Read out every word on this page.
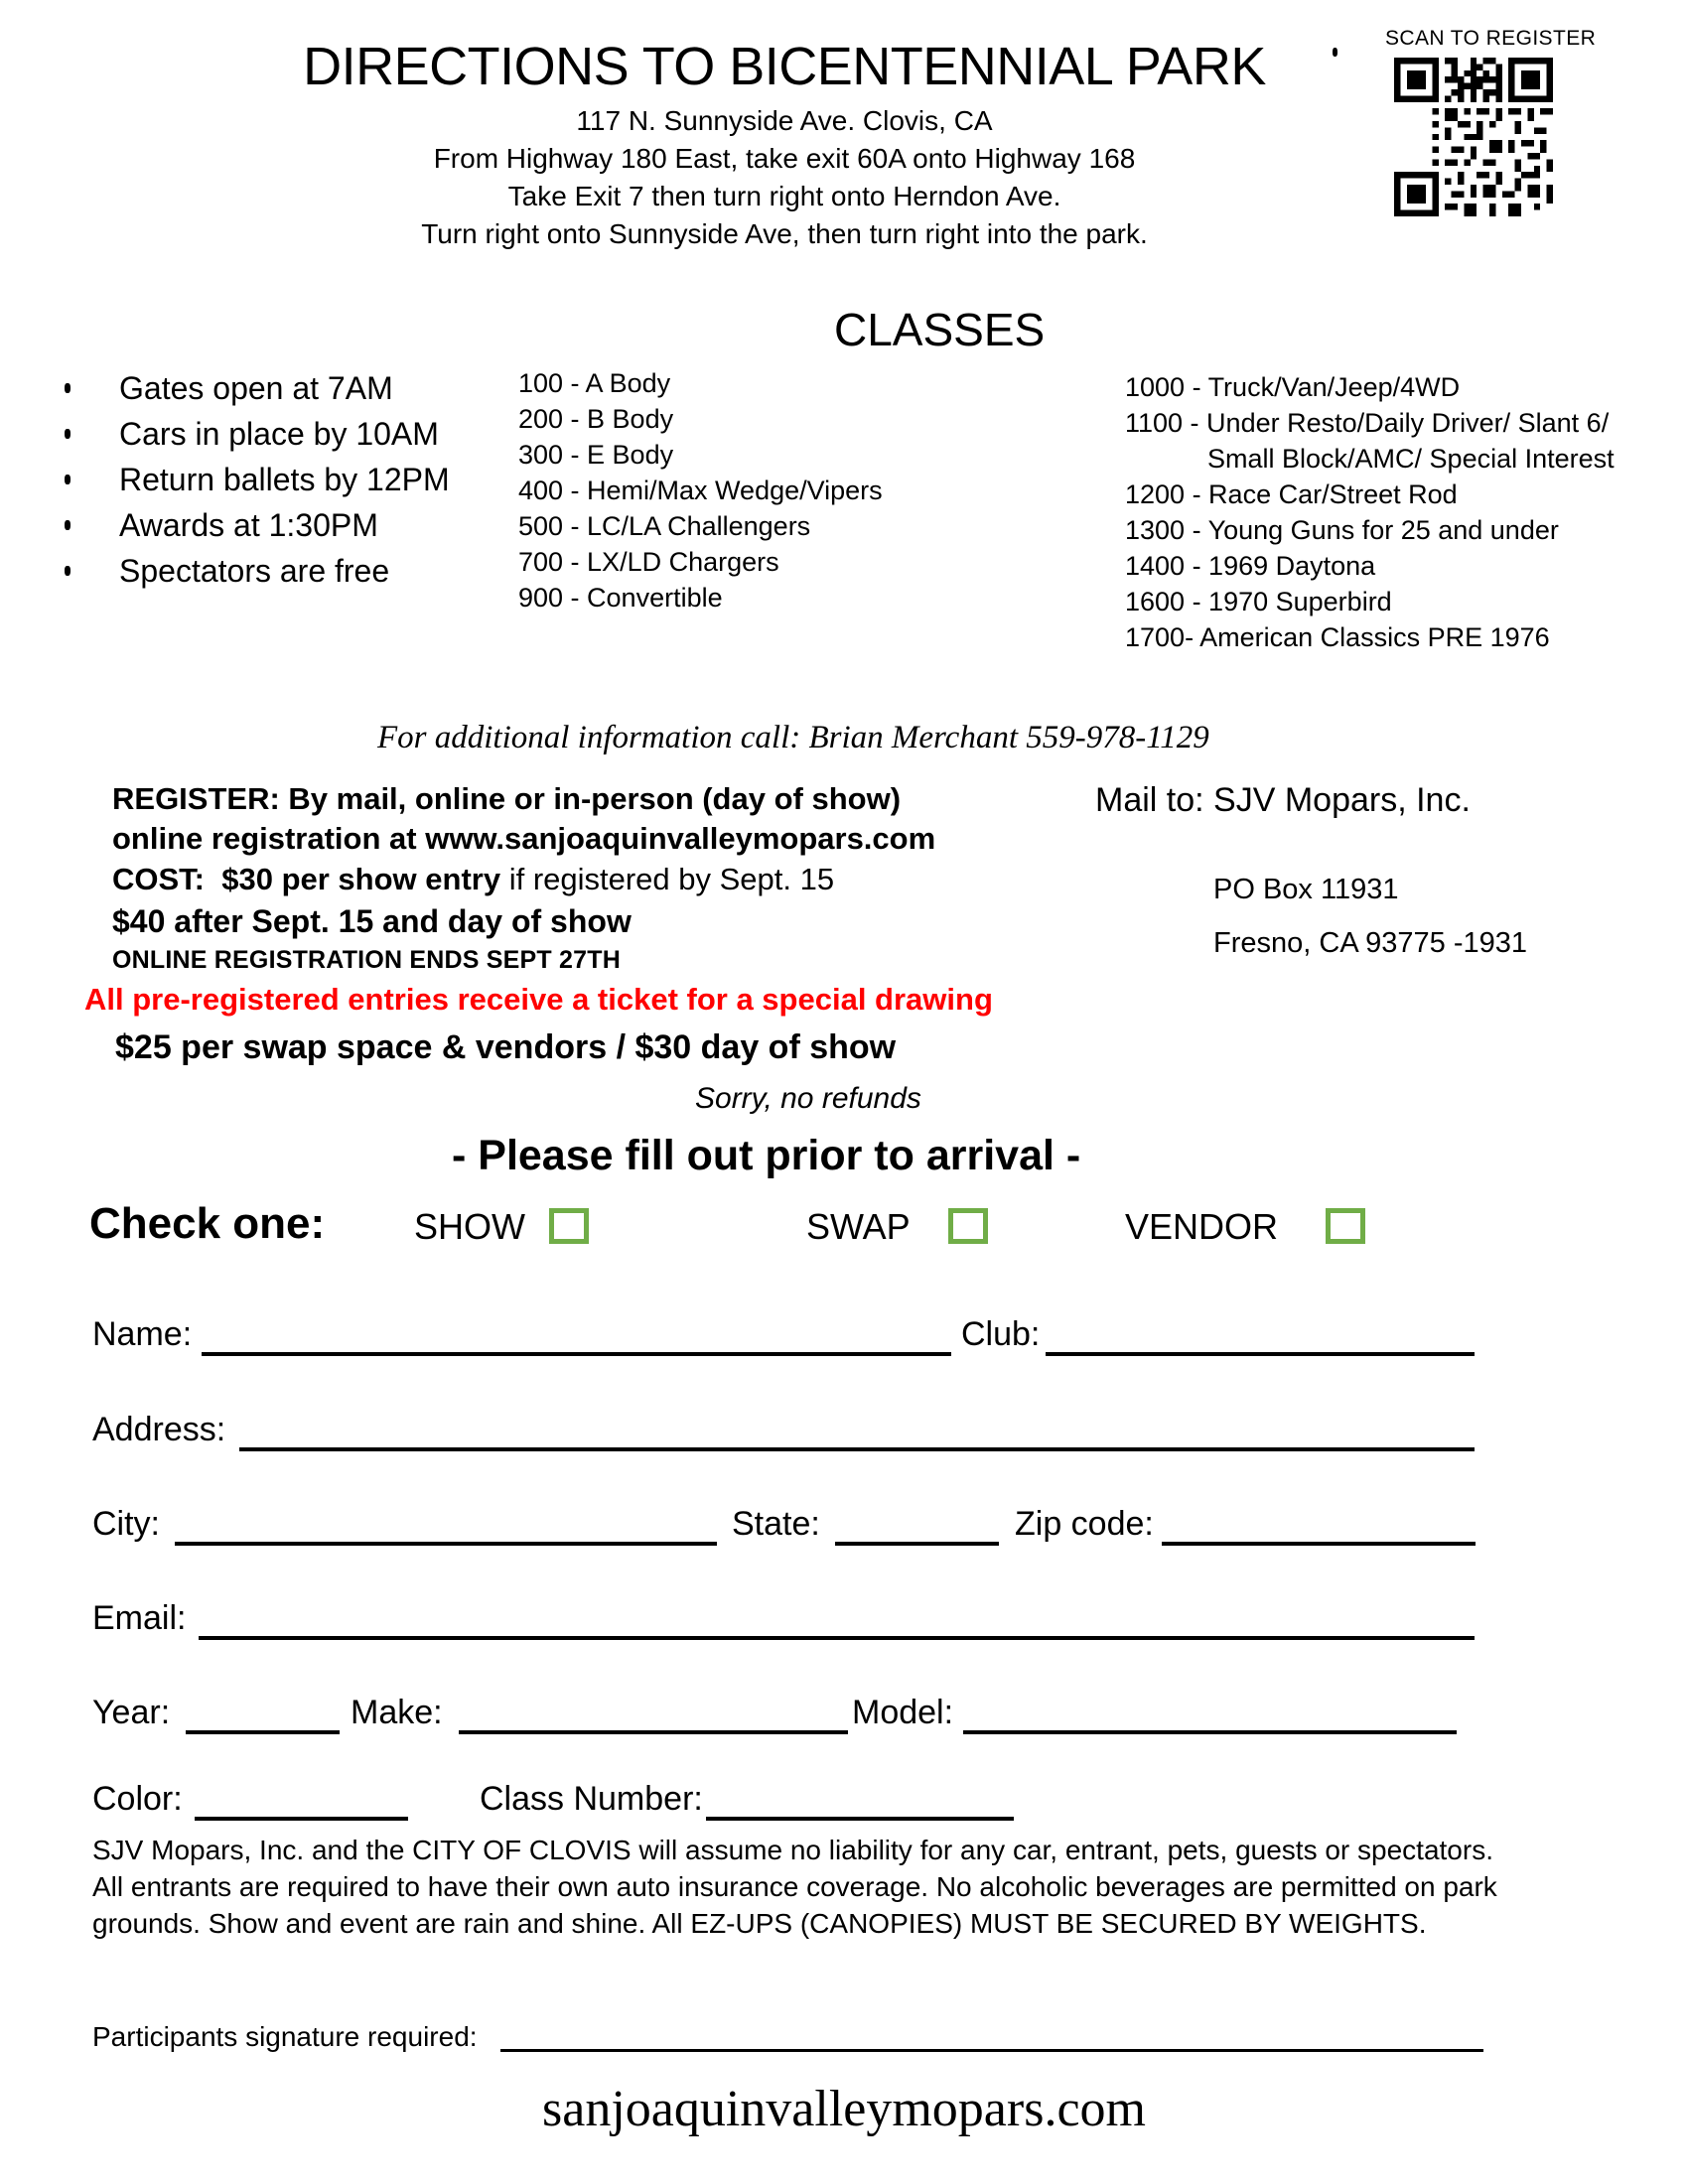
DIRECTIONS TO BICENTENNIAL PARK
117 N. Sunnyside Ave. Clovis, CA
From Highway 180 East, take exit 60A onto Highway 168
Take Exit 7 then turn right onto Herndon Ave.
Turn right onto Sunnyside Ave, then turn right into the park.
SCAN TO REGISTER
CLASSES
Gates open at 7AM
Cars in place by 10AM
Return ballets by 12PM
Awards at 1:30PM
Spectators are free
100 - A Body
200 - B Body
300 - E Body
400 - Hemi/Max Wedge/Vipers
500 - LC/LA Challengers
700 - LX/LD Chargers
900 - Convertible
1000 - Truck/Van/Jeep/4WD
1100 - Under Resto/Daily Driver/ Slant 6/
Small Block/AMC/ Special Interest
1200 - Race Car/Street Rod
1300 - Young Guns for 25 and under
1400 - 1969 Daytona
1600 - 1970 Superbird
1700- American Classics PRE 1976
For additional information call: Brian Merchant 559-978-1129
REGISTER: By mail, online or in-person (day of show)
online registration at www.sanjoaquinvalleymopars.com
COST: $30 per show entry if registered by Sept. 15
$40 after Sept. 15 and day of show
ONLINE REGISTRATION ENDS SEPT 27TH
All pre-registered entries receive a ticket for a special drawing
$25 per swap space & vendors / $30 day of show
Mail to: SJV Mopars, Inc.
PO Box 11931
Fresno, CA 93775 -1931
Sorry, no refunds
- Please fill out prior to arrival -
Check one: SHOW	SWAP	VENDOR
Name:	Club:
Address:
City:	State:	Zip code:
Email:
Year:	Make:	Model:
Color:	Class Number:
SJV Mopars, Inc. and the CITY OF CLOVIS will assume no liability for any car, entrant, pets, guests or spectators. All entrants are required to have their own auto insurance coverage. No alcoholic beverages are permitted on park grounds. Show and event are rain and shine. All EZ-UPS (CANOPIES) MUST BE SECURED BY WEIGHTS.
Participants signature required:
sanjoaquinvalleymopars.com
